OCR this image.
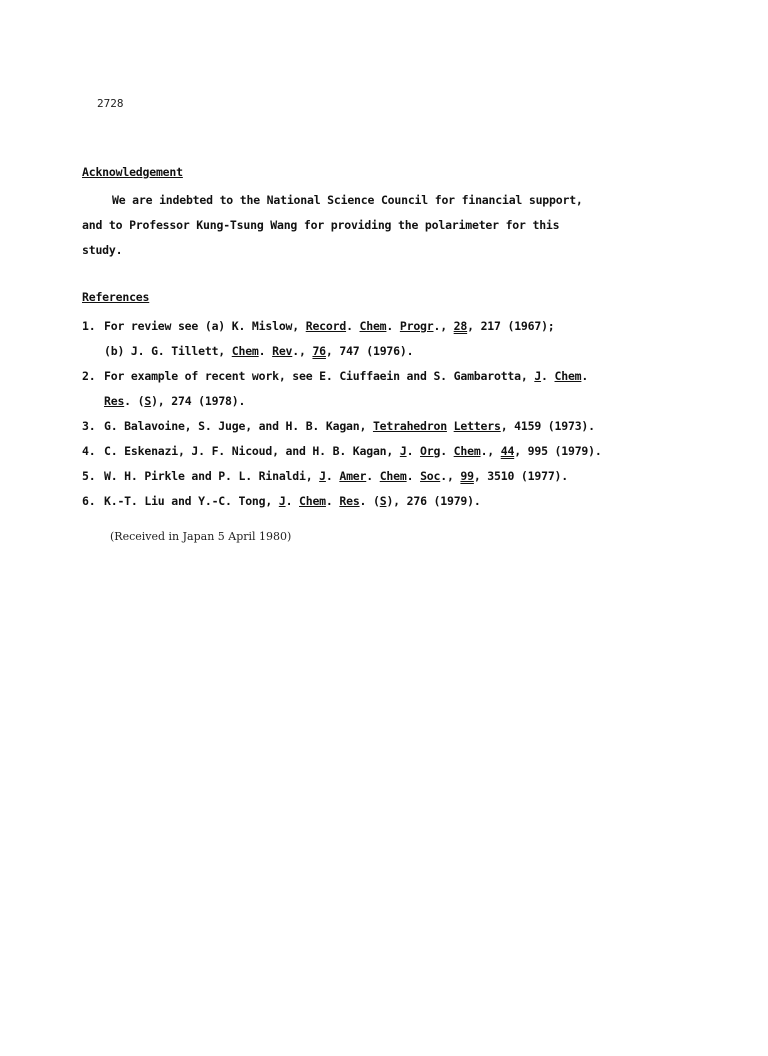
2728
Acknowledgement
We are indebted to the National Science Council for financial support,
and to Professor Kung-Tsung Wang for providing the polarimeter for this
study.
References
1. For review see (a) K. Mislow, Record. Chem. Progr., 28, 217 (1967);
(b) J. G. Tillett, Chem. Rev., 76, 747 (1976).
2. For example of recent work, see E. Ciuffaein and S. Gambarotta, J. Chem.
Res. (S), 274 (1978).
3. G. Balavoine, S. Juge, and H. B. Kagan, Tetrahedron Letters, 4159 (1973).
4. C. Eskenazi, J. F. Nicoud, and H. B. Kagan, J. Org. Chem., 44, 995 (1979).
5. W. H. Pirkle and P. L. Rinaldi, J. Amer. Chem. Soc., 99, 3510 (1977).
6. K.-T. Liu and Y.-C. Tong, J. Chem. Res. (S), 276 (1979).
(Received in Japan 5 April 1980)
